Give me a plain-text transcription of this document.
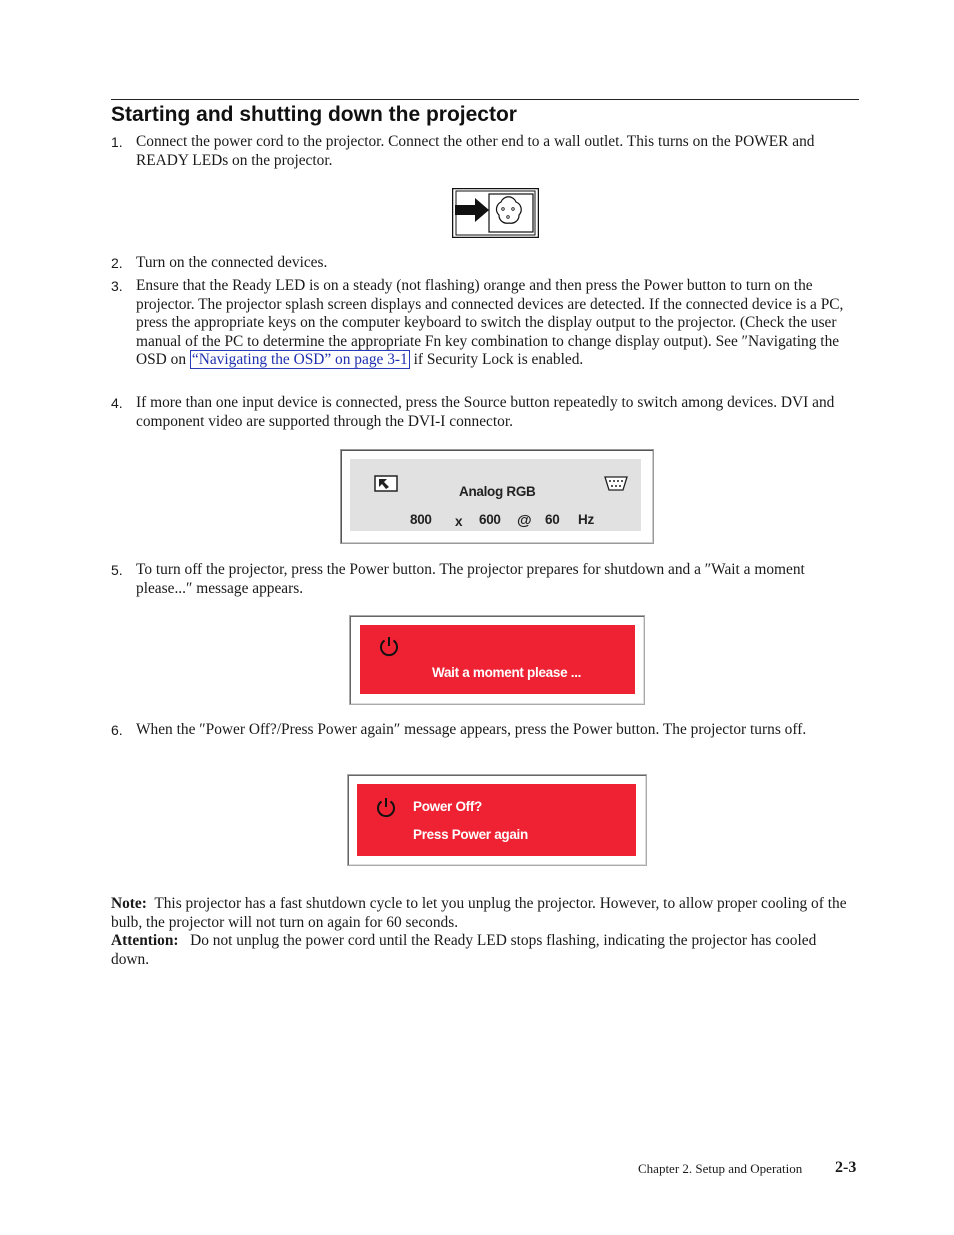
Starting and shutting down the projector
1. Connect the power cord to the projector. Connect the other end to a wall outlet. This turns on the POWER and READY LEDs on the projector.
2. Turn on the connected devices.
3. Ensure that the Ready LED is on a steady (not flashing) orange and then press the Power button to turn on the projector. The projector splash screen displays and connected devices are detected. If the connected device is a PC, press the appropriate keys on the computer keyboard to switch the display output to the projector. (Check the user manual of the PC to determine the appropriate Fn key combination to change display output). See ″Navigating the OSD on “Navigating the OSD” on page 3-1 if Security Lock is enabled.
4. If more than one input device is connected, press the Source button repeatedly to switch among devices. DVI and component video are supported through the DVI-I connector.
Analog RGB
800 x 600 @ 60 Hz
5. To turn off the projector, press the Power button. The projector prepares for shutdown and a ″Wait a moment please...″ message appears.
Wait a moment please ...
6. When the ″Power Off?/Press Power again″ message appears, press the Power button. The projector turns off.
Power Off?
Press Power again
Note:  This projector has a fast shutdown cycle to let you unplug the projector. However, to allow proper cooling of the bulb, the projector will not turn on again for 60 seconds.
Attention:   Do not unplug the power cord until the Ready LED stops flashing, indicating the projector has cooled down.
Chapter 2. Setup and Operation 2-3
